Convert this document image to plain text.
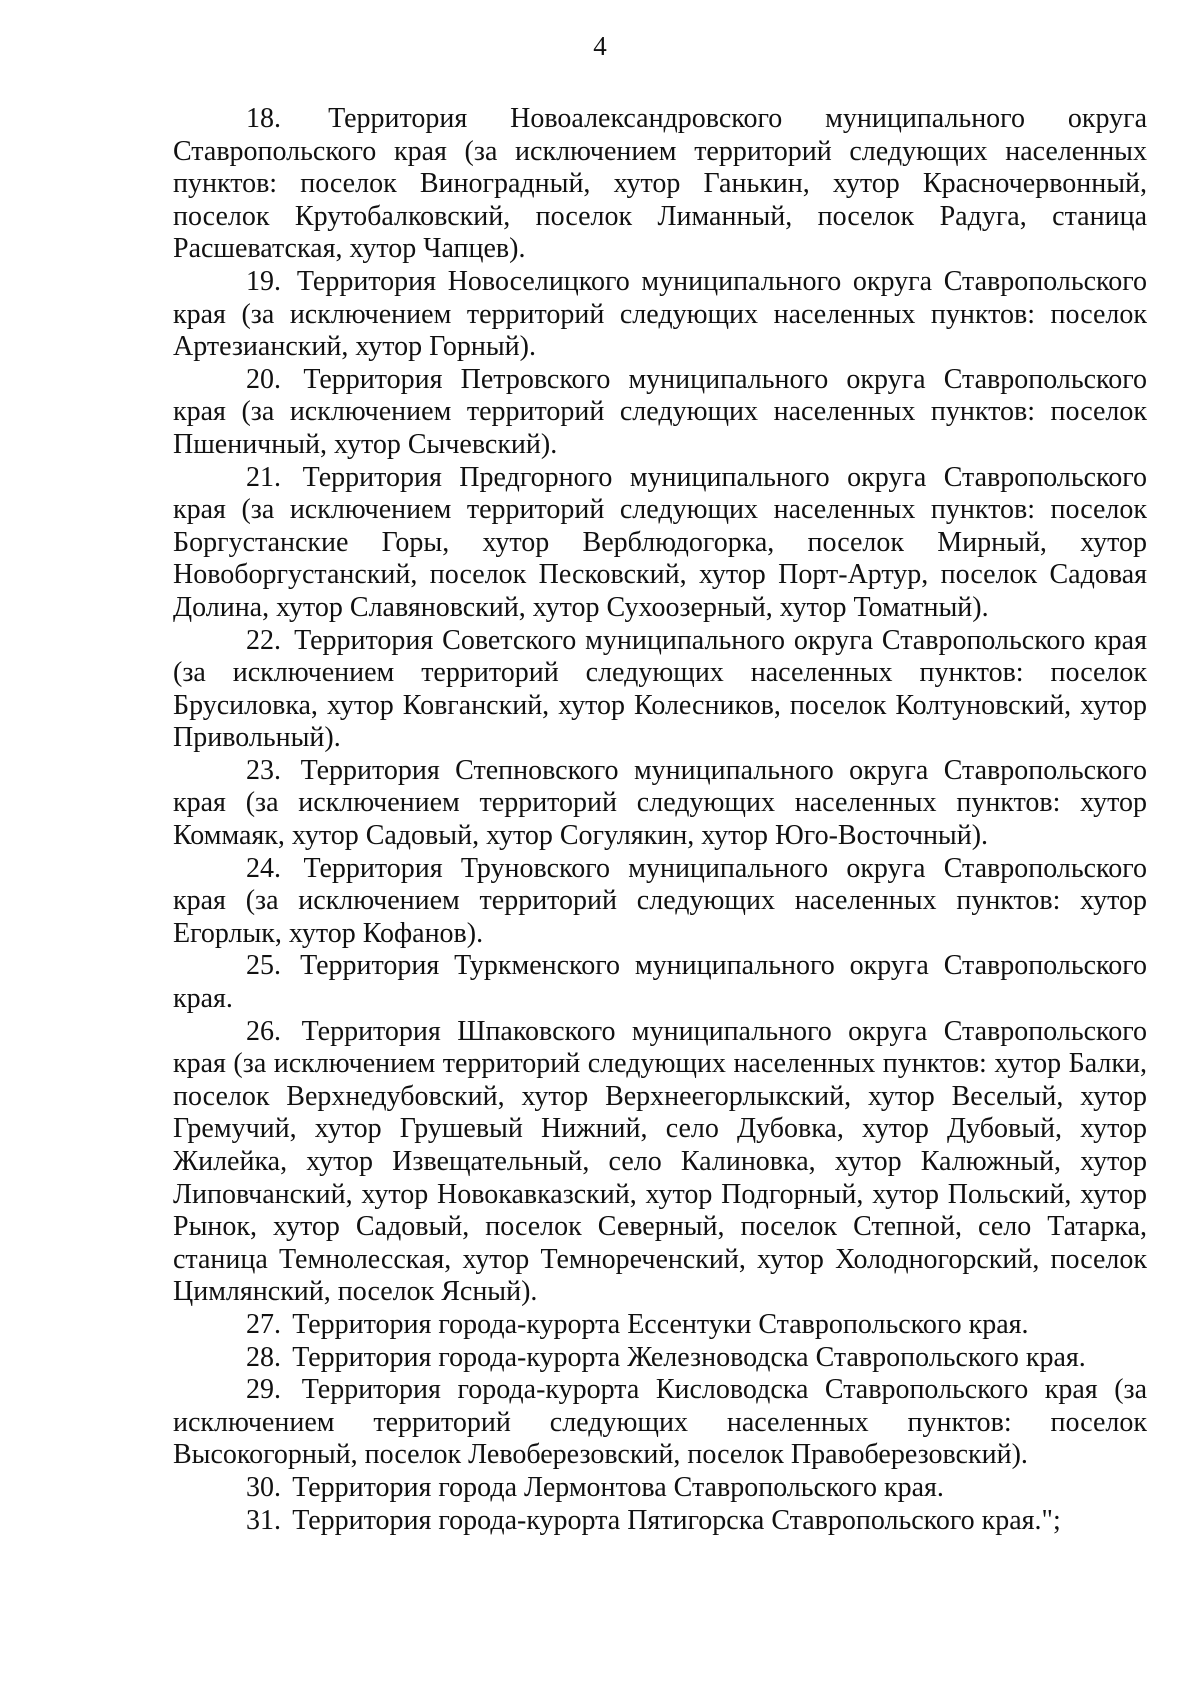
4

18. Территория Новоалександровского муниципального округа Ставропольского края (за исключением территорий следующих населенных пунктов: поселок Виноградный, хутор Ганькин, хутор Красночервонный, поселок Крутобалковский, поселок Лиманный, поселок Радуга, станица Расшеватская, хутор Чапцев).

19. Территория Новоселицкого муниципального округа Ставропольского края (за исключением территорий следующих населенных пунктов: поселок Артезианский, хутор Горный).

20. Территория Петровского муниципального округа Ставропольского края (за исключением территорий следующих населенных пунктов: поселок Пшеничный, хутор Сычевский).

21. Территория Предгорного муниципального округа Ставропольского края (за исключением территорий следующих населенных пунктов: поселок Боргустанские Горы, хутор Верблюдогорка, поселок Мирный, хутор Новоборгустанский, поселок Песковский, хутор Порт-Артур, поселок Садовая Долина, хутор Славяновский, хутор Сухоозерный, хутор Томатный).

22. Территория Советского муниципального округа Ставропольского края (за исключением территорий следующих населенных пунктов: поселок Брусиловка, хутор Ковганский, хутор Колесников, поселок Колтуновский, хутор Привольный).

23. Территория Степновского муниципального округа Ставропольского края (за исключением территорий следующих населенных пунктов: хутор Коммаяк, хутор Садовый, хутор Согулякин, хутор Юго-Восточный).

24. Территория Труновского муниципального округа Ставропольского края (за исключением территорий следующих населенных пунктов: хутор Егорлык, хутор Кофанов).

25. Территория Туркменского муниципального округа Ставропольского края.

26. Территория Шпаковского муниципального округа Ставропольского края (за исключением территорий следующих населенных пунктов: хутор Балки, поселок Верхнедубовский, хутор Верхнеегорлыкский, хутор Веселый, хутор Гремучий, хутор Грушевый Нижний, село Дубовка, хутор Дубовый, хутор Жилейка, хутор Извещательный, село Калиновка, хутор Калюжный, хутор Липовчанский, хутор Новокавказский, хутор Подгорный, хутор Польский, хутор Рынок, хутор Садовый, поселок Северный, поселок Степной, село Татарка, станица Темнолесская, хутор Темнореченский, хутор Холодногорский, поселок Цимлянский, поселок Ясный).

27. Территория города-курорта Ессентуки Ставропольского края.

28. Территория города-курорта Железноводска Ставропольского края.

29. Территория города-курорта Кисловодска Ставропольского края (за исключением территорий следующих населенных пунктов: поселок Высокогорный, поселок Левоберезовский, поселок Правоберезовский).

30. Территория города Лермонтова Ставропольского края.

31. Территория города-курорта Пятигорска Ставропольского края.";
